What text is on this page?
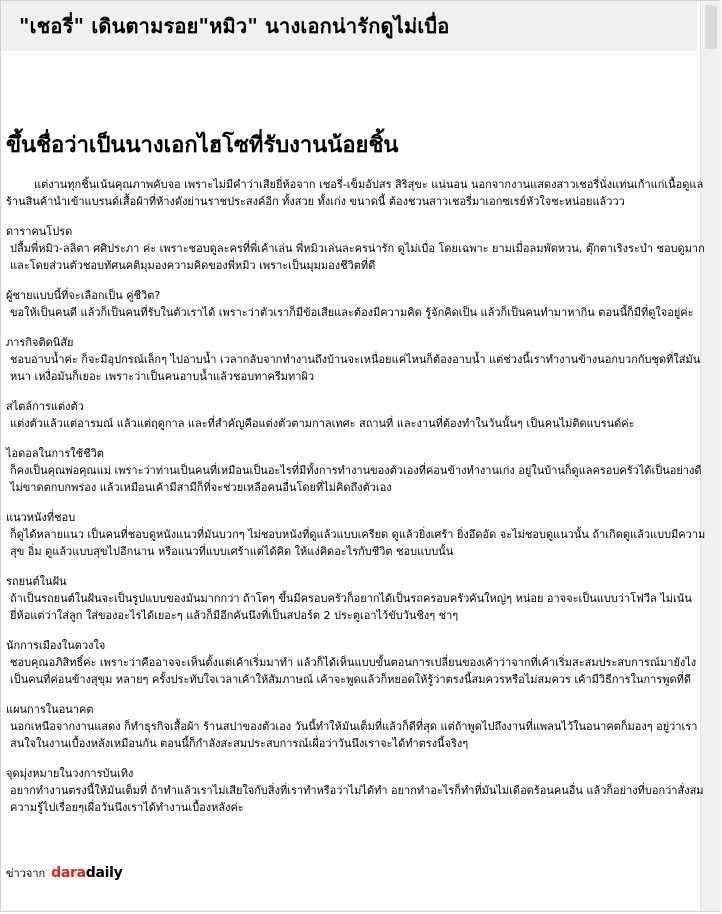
"เชอรี่" เดินตามรอย"หมิว" นางเอกน่ารักดูไม่เบื่อ
ขึ้นชื่อว่าเป็นนางเอกไฮโซที่รับงานน้อยชิ้น

แต่งานทุกชิ้นเน้นคุณภาพคับจอ เพราะไม่มีคำว่าเสียยี่ห้อจาก เชอรี่-เข็มอัปสร สิริสุขะ แน่นอน นอกจากงานแสดงสาวเชอรี่นั่งแท่นเก้าแก่เนื้อดูแลร้านสินค้านำเข้าแบรนด์เสื้อผ้าที่ห้างดังย่านราชประสงค์อีก ทั้งสวย ทั้งเก่ง ขนาดนี้ ต้องชวนสาวเชอรี่มาเอกซเรย์หัวใจชะหน่อยแล้ววว

ดาราคนโปรด

ปลื้มพี่หมิว-ลลิตา ศศิประภา ค่ะ เพราะชอบดูละครที่พี่เค้าเล่น พี่หมิวเล่นละครน่ารัก ดูไม่เบื่อ โดยเฉพาะ ยามเมื่อลมพัดหวน, ตุ๊กตาเริงระบำ ชอบดูมาก และโดยส่วนตัวชอบทัศนคติมุมองความคิดของพี่หมิว เพราะเป็นมุมมองชีวิตที่ดี

ผู้ชายแบบนี้ที่จะเลือกเป็น คู่ชีวิต?

ขอให้เป็นคนดี แล้วก็เป็นคนที่รับในตัวเราได้ เพราะว่าตัวเราก็มีข้อเสียและต้องมีความคิด รู้จักคิดเป็น แล้วก็เป็นคนทำมาหากิน ตอนนี้ก็มีที่ดูใจอยู่ค่ะ

ภารกิจติดนิสัย

ชอบอาบน้ำค่ะ ก็จะมีอุปกรณ์เล็กๆ ไปอาบน้ำ เวลากลับจากทำงานถึงบ้านจะเหนื่อยแค่ไหนก็ต้องอาบน้ำ แต่ช่วงนี้เราทำงานข้างนอกบวกกับชุดที่ใส่มันหนา เหงื่อมันก็เยอะ เพราะว่าเป็นคนอาบน้ำแล้วชอบทาครีมทาผิว

สไตล์การแต่งตัว

แต่งตัวแล้วแต่อารมณ์ แล้วแต่ฤดูกาล และที่สำคัญคือแต่งตัวตามกาลเทศะ สถานที่ และงานที่ต้องทำในวันนั้นๆ เป็นคนไม่ติดแบรนด์ค่ะ

ไอดอลในการใช้ชีวิต

ก็คงเป็นคุณพ่อคุณแม่ เพราะว่าท่านเป็นคนที่เหมือนเป็นอะไรที่มีทั้งการทำงานของตัวเองที่ค่อนข้างทำงานเก่ง อยู่ในบ้านก็ดูแลครอบครัวได้เป็นอย่างดีไม่ขาดตกบกพร่อง แล้วเหมือนเค้ามีสามีก็ที่จะช่วยเหลือคนอื่นโดยที่ไม่คิดถึงตัวเอง

แนวหนังที่ชอบ

ก็ดูได้หลายแนว เป็นคนที่ชอบดูหนังแนวที่มันบวกๆ ไม่ชอบหนังที่ดูแล้วแบบเครียด ดูแล้วยิ่งเศร้า ยิ่งอึดอัด จะไม่ชอบดูแนวนั้น ถ้าเกิดดูแล้วแบบมีความสุข อิ่ม ดูแล้วแบบสุขไปอีกนาน หรือแนวที่แบบเศร้าแต่ได้คิด ให้แง่คิดอะไรกับชีวิต ชอบแบบนั้น

รถยนต์ในฝัน

ถ้าเป็นรถยนต์ในฝันจะเป็นรูปแบบของมันมากกว่า ถ้าโตๆ ขึ้นมีครอบครัวก็อยากได้เป็นรถครอบครัวคันใหญ่ๆ หน่อย อาจจะเป็นแบบว่าโฟวีล ไม่เน้นยี่ห้อแต่ว่าใส่ลูก ใส่ของอะไรได้เยอะๆ แล้วก็มีอีกคันนึงที่เป็นสปอร์ต 2 ประตูเอาไว้ขับวันชิงๆ ช่าๆ

นักการเมืองในดวงใจ

ชอบคุณอภิสิทธิ์ค่ะ เพราะว่าคืออาจจะเห็นตั้งแต่เค้าเริ่มมาทำ แล้วก็ได้เห็นแบบขั้นตอนการเปลี่ยนของเค้าว่าจากที่เค้าเริ่มสะสมประสบการณ์มายังไง เป็นคนที่ค่อนข้างสุขุม หลายๆ ครั้งประทับใจเวลาเค้าให้สัมภาษณ์ เค้าจะพูดแล้วก็หยอดให้รู้ว่าตรงนี้สมควรหรือไม่สมควร เค้ามีวิธีการในการพูดที่ดี

แผนการในอนาคต

นอกเหนือจากงานแสดง ก็ทำธุรกิจเสื้อผ้า ร้านสปาของตัวเอง วันนี้ทำให้มันเต็มที่แล้วก็ดีที่สุด แต่ถ้าพูดไปถึงงานที่แพลนไว้ในอนาคตก็มองๆ อยู่ว่าเราสนใจในงานเบื้องหลังเหมือนกัน ตอนนี้ก็กำลังสะสมประสบการณ์เผื่อว่าวันนึงเราจะได้ทำตรงนี้จริงๆ

จุดมุ่งหมายในวงการบันเทิง

อยากทำงานตรงนี้ให้มันเต็มที่ ถ้าทำแล้วเราไม่เสียใจกับสิ่งที่เราทำหรือว่าไม่ได้ทำ อยากทำอะไรก็ทำที่มันไม่เดือดร้อนคนอื่น แล้วก็อย่างที่บอกว่าสั่งสมความรู้ไปเรื่อยๆเผื่อวันนึงเราได้ทำงานเบื้องหลังค่ะ

ข่าวจาก daradaily
